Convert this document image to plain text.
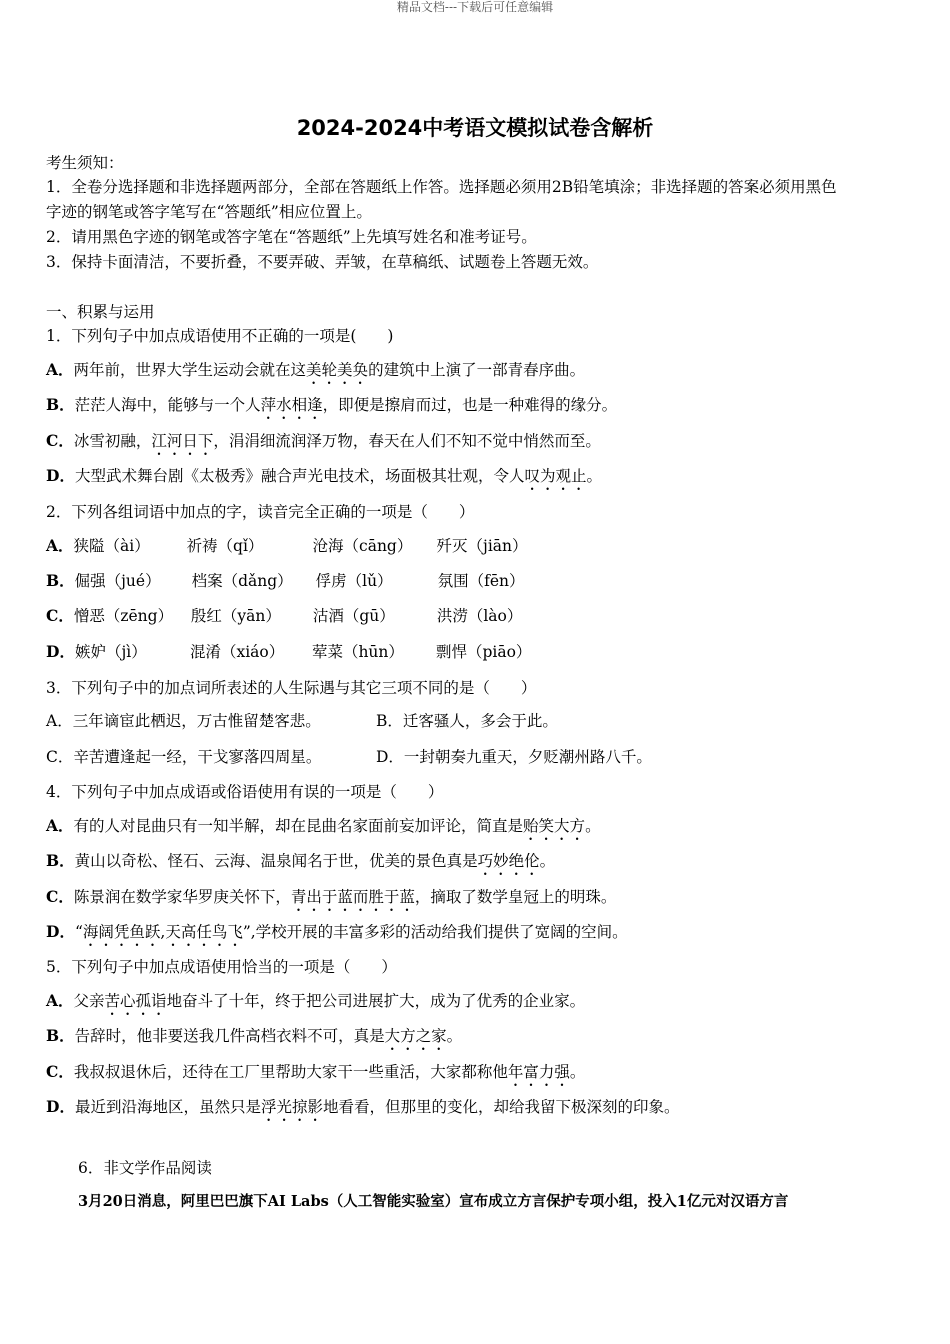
精品文档---下载后可任意编辑
2024-2024中考语文模拟试卷含解析
考生须知：
1．全卷分选择题和非选择题两部分，全部在答题纸上作答。选择题必须用2B铅笔填涂；非选择题的答案必须用黑色
字迹的钢笔或答字笔写在“答题纸”相应位置上。
2．请用黑色字迹的钢笔或答字笔在“答题纸”上先填写姓名和准考证号。
3．保持卡面清洁，不要折叠，不要弄破、弄皱，在草稿纸、试题卷上答题无效。
一、积累与运用
1．下列句子中加点成语使用不正确的一项是(　　)
A．两年前，世界大学生运动会就在这美轮美奂的建筑中上演了一部青春序曲。
B．茫茫人海中，能够与一个人萍水相逢，即便是擦肩而过，也是一种难得的缘分。
C．冰雪初融，江河日下，涓涓细流润泽万物，春天在人们不知不觉中悄然而至。
D．大型武术舞台剧《太极秀》融合声光电技术，场面极其壮观，令人叹为观止。
2．下列各组词语中加点的字，读音完全正确的一项是（　　）
A．狭隘（ài） 祈祷（qǐ）	沧海（cāng） 歼灭（jiān）
B．倔强（jué） 档案（dǎng） 俘虏（lǔ）	氛围（fēn）
C．憎恶（zēng） 殷红（yān） 沽酒（gū）	洪涝（lào）
D．嫉妒（jì）	混淆（xiáo） 荤菜（hūn） 剽悍（piāo）
3．下列句子中的加点词所表述的人生际遇与其它三项不同的是（　　）
A．三年谪宦此栖迟，万古惟留楚客悲。	B．迁客骚人，多会于此。
C．辛苦遭逢起一经，干戈寥落四周星。	D．一封朝奏九重天，夕贬潮州路八千。
4．下列句子中加点成语或俗语使用有误的一项是（　　）
A．有的人对昆曲只有一知半解，却在昆曲名家面前妄加评论，简直是贻笑大方。
B．黄山以奇松、怪石、云海、温泉闻名于世，优美的景色真是巧妙绝伦。
C．陈景润在数学家华罗庚关怀下，青出于蓝而胜于蓝，摘取了数学皇冠上的明珠。
D．“海阔凭鱼跃,天高任鸟飞”,学校开展的丰富多彩的活动给我们提供了宽阔的空间。
5．下列句子中加点成语使用恰当的一项是（　　）
A．父亲苦心孤诣地奋斗了十年，终于把公司进展扩大，成为了优秀的企业家。
B．告辞时，他非要送我几件高档衣料不可，真是大方之家。
C．我叔叔退休后，还待在工厂里帮助大家干一些重活，大家都称他年富力强。
D．最近到沿海地区，虽然只是浮光掠影地看看，但那里的变化，却给我留下极深刻的印象。
6．非文学作品阅读
3月20日消息，阿里巴巴旗下AI Labs（人工智能实验室）宣布成立方言保护专项小组，投入1亿元对汉语方言
